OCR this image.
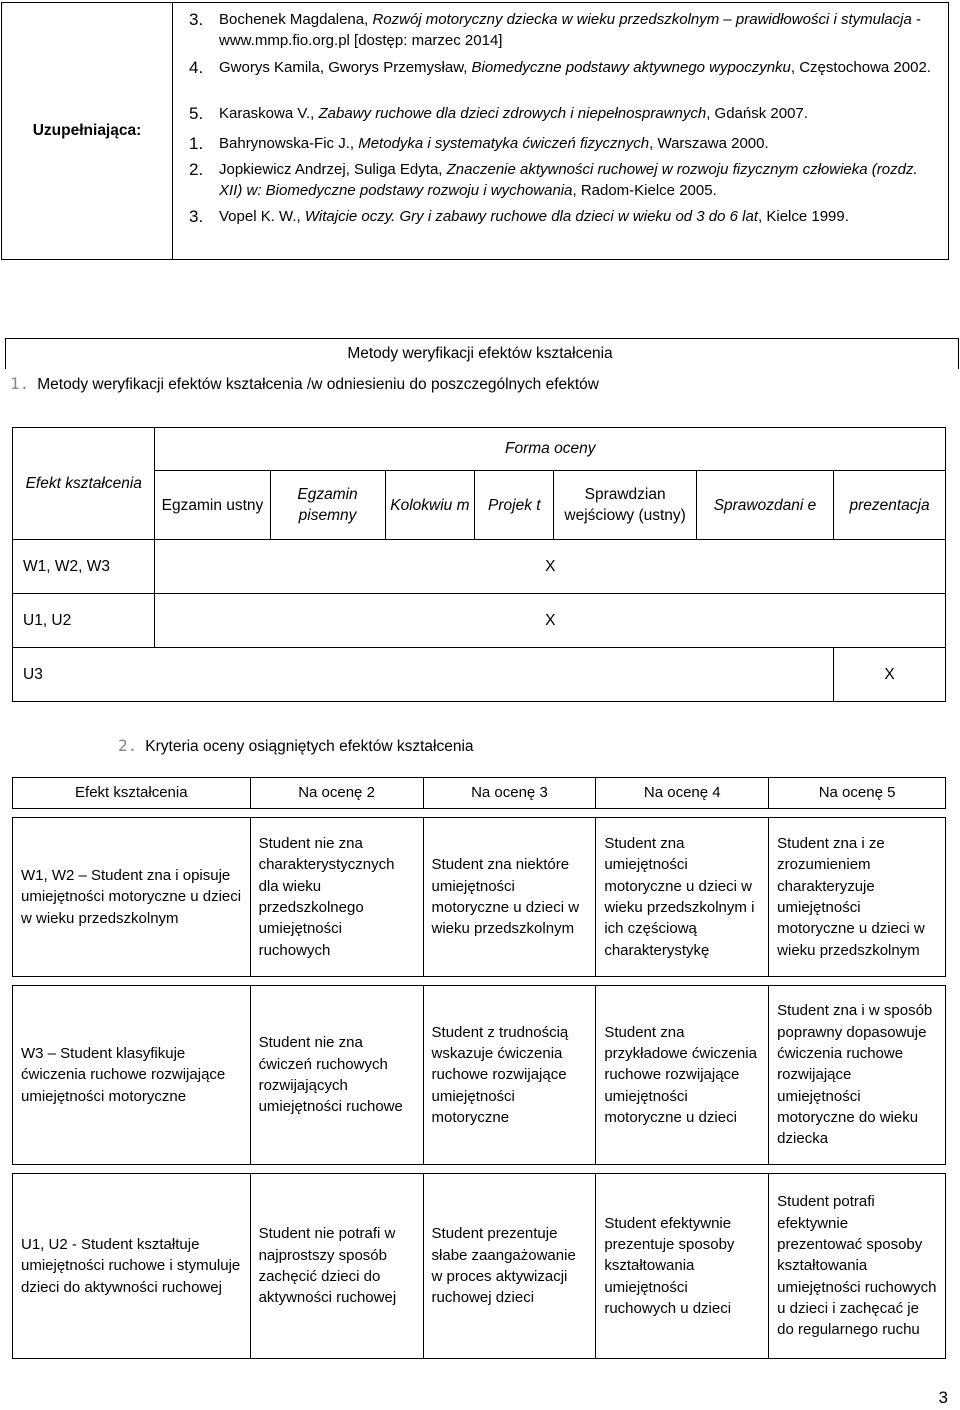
Uzupełniająca:
3. Bochenek Magdalena, Rozwój motoryczny dziecka w wieku przedszkolnym – prawidłowości i stymulacja - www.mmp.fio.org.pl [dostęp: marzec 2014]
4. Gworys Kamila, Gworys Przemysław, Biomedyczne podstawy aktywnego wypoczynku, Częstochowa 2002.
5. Karaskowa V., Zabawy ruchowe dla dzieci zdrowych i niepełnosprawnych, Gdańsk 2007.
1. Bahrynowska-Fic J., Metodyka i systematyka ćwiczeń fizycznych, Warszawa 2000.
2. Jopkiewicz Andrzej, Suliga Edyta, Znaczenie aktywności ruchowej w rozwoju fizycznym człowieka (rozdz. XII) w: Biomedyczne podstawy rozwoju i wychowania, Radom-Kielce 2005.
3. Vopel K. W., Witajcie oczy. Gry i zabawy ruchowe dla dzieci w wieku od 3 do 6 lat, Kielce 1999.
Metody weryfikacji efektów kształcenia
1. Metody weryfikacji efektów kształcenia /w odniesieniu do poszczególnych efektów
Efekt kształcenia	Forma oceny						
	Egzamin ustny	Egzamin pisemny	Kolokwiu m	Projek t	Sprawdzian wejściowy (ustny)	Sprawozdani e	prezentacja
W1, W2, W3	X						
U1, U2	X						
U3							X
2. Kryteria oceny osiągniętych efektów kształcenia
Efekt kształcenia	Na ocenę 2	Na ocenę 3	Na ocenę 4	Na ocenę 5

W1, W2 – Student zna i opisuje umiejętności motoryczne u dzieci w wieku przedszkolnym	Student nie zna charakterystycznych dla wieku przedszkolnego umiejętności ruchowych	Student zna niektóre umiejętności motoryczne u dzieci w wieku przedszkolnym	Student zna umiejętności motoryczne u dzieci w wieku przedszkolnym i ich częściową charakterystykę	Student zna i ze zrozumieniem charakteryzuje umiejętności motoryczne u dzieci w wieku przedszkolnym

W3 – Student klasyfikuje ćwiczenia ruchowe rozwijające umiejętności motoryczne	Student nie zna ćwiczeń ruchowych rozwijających umiejętności ruchowe	Student z trudnością wskazuje ćwiczenia ruchowe rozwijające umiejętności motoryczne	Student zna przykładowe ćwiczenia ruchowe rozwijające umiejętności motoryczne u dzieci	Student zna i w sposób poprawny dopasowuje ćwiczenia ruchowe rozwijające umiejętności motoryczne do wieku dziecka

U1, U2 - Student kształtuje umiejętności ruchowe i stymuluje dzieci do aktywności ruchowej	Student nie potrafi w najprostszy sposób zachęcić dzieci do aktywności ruchowej	Student prezentuje słabe zaangażowanie w proces aktywizacji ruchowej dzieci	Student efektywnie prezentuje sposoby kształtowania umiejętności ruchowych u dzieci	Student potrafi efektywnie prezentować sposoby kształtowania umiejętności ruchowych u dzieci i zachęcać je do regularnego ruchu
3
